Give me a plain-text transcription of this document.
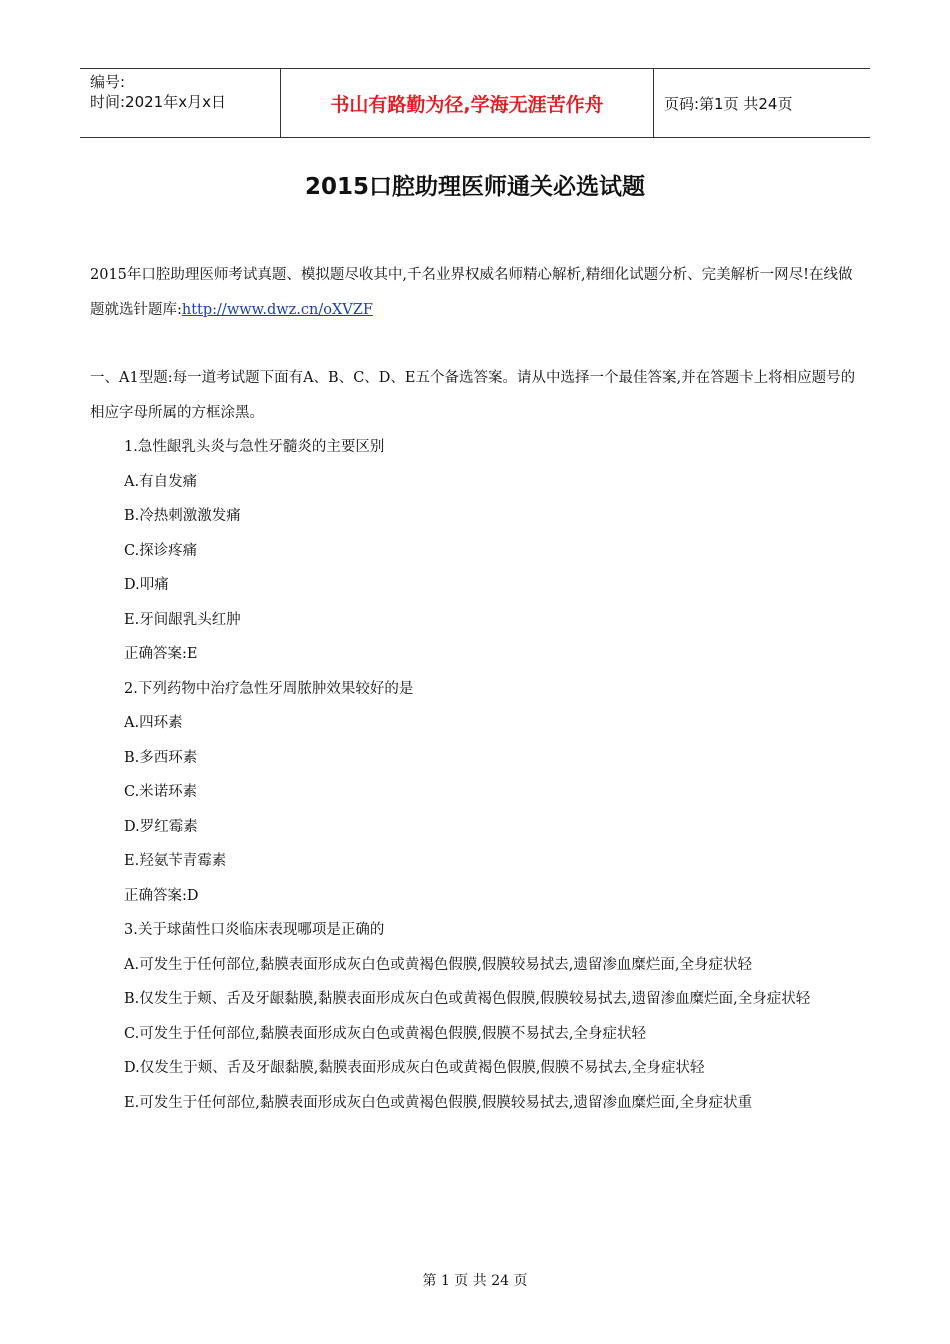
编号:
时间:2021年x月x日	书山有路勤为径,学海无涯苦作舟	页码:第1页 共24页
2015口腔助理医师通关必选试题

2015年口腔助理医师考试真题、模拟题尽收其中,千名业界权威名师精心解析,精细化试题分析、完美解析一网尽!在线做题就选针题库:http://www.dwz.cn/oXVZF

一、A1型题:每一道考试题下面有A、B、C、D、E五个备选答案。请从中选择一个最佳答案,并在答题卡上将相应题号的相应字母所属的方框涂黑。

1.急性龈乳头炎与急性牙髓炎的主要区别

A.有自发痛

B.冷热刺激激发痛

C.探诊疼痛

D.叩痛

E.牙间龈乳头红肿

正确答案:E

2.下列药物中治疗急性牙周脓肿效果较好的是

A.四环素

B.多西环素

C.米诺环素

D.罗红霉素

E.羟氨苄青霉素

正确答案:D

3.关于球菌性口炎临床表现哪项是正确的

A.可发生于任何部位,黏膜表面形成灰白色或黄褐色假膜,假膜较易拭去,遗留渗血糜烂面,全身症状轻

B.仅发生于颊、舌及牙龈黏膜,黏膜表面形成灰白色或黄褐色假膜,假膜较易拭去,遗留渗血糜烂面,全身症状轻

C.可发生于任何部位,黏膜表面形成灰白色或黄褐色假膜,假膜不易拭去,全身症状轻

D.仅发生于颊、舌及牙龈黏膜,黏膜表面形成灰白色或黄褐色假膜,假膜不易拭去,全身症状轻

E.可发生于任何部位,黏膜表面形成灰白色或黄褐色假膜,假膜较易拭去,遗留渗血糜烂面,全身症状重

第 1 页 共 24 页
